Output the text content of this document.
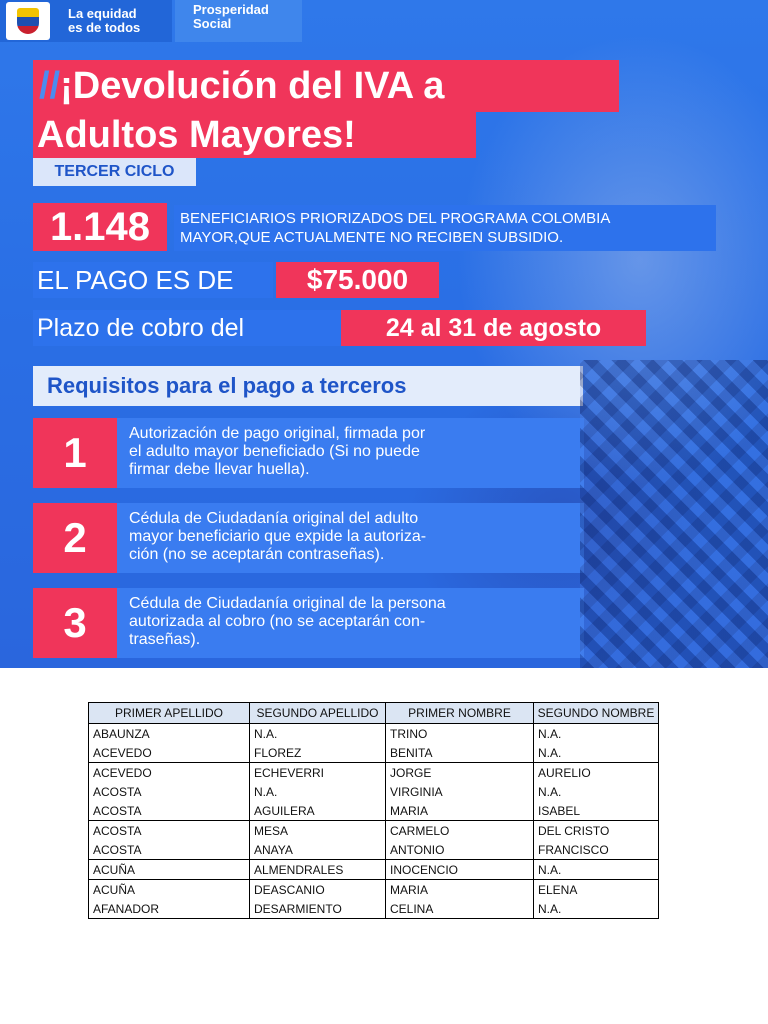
La equidad
es de todos
Prosperidad
Social
//¡Devolución del IVA a
Adultos Mayores!
TERCER CICLO
1.148	BENEFICIARIOS PRIORIZADOS DEL PROGRAMA COLOMBIA
MAYOR,QUE ACTUALMENTE NO RECIBEN SUBSIDIO.
EL PAGO ES DE	$75.000
Plazo de cobro del	24 al 31 de agosto
Requisitos para el pago a terceros
1	Autorización de pago original, firmada por
el adulto mayor beneficiado (Si no puede
firmar debe llevar huella).
2	Cédula de Ciudadanía original del adulto
mayor beneficiario que expide la autoriza-
ción (no se aceptarán contraseñas).
3	Cédula de Ciudadanía original de la persona
autorizada al cobro (no se aceptarán con-
traseñas).
PRIMER APELLIDO	SEGUNDO APELLIDO	PRIMER NOMBRE	SEGUNDO NOMBRE
ABAUNZA	N.A.	TRINO	N.A.
ACEVEDO	FLOREZ	BENITA	N.A.
ACEVEDO	ECHEVERRI	JORGE	AURELIO
ACOSTA	N.A.	VIRGINIA	N.A.
ACOSTA	AGUILERA	MARIA	ISABEL
ACOSTA	MESA	CARMELO	DEL CRISTO
ACOSTA	ANAYA	ANTONIO	FRANCISCO
ACUÑA	ALMENDRALES	INOCENCIO	N.A.
ACUÑA	DEASCANIO	MARIA	ELENA
AFANADOR	DESARMIENTO	CELINA	N.A.
